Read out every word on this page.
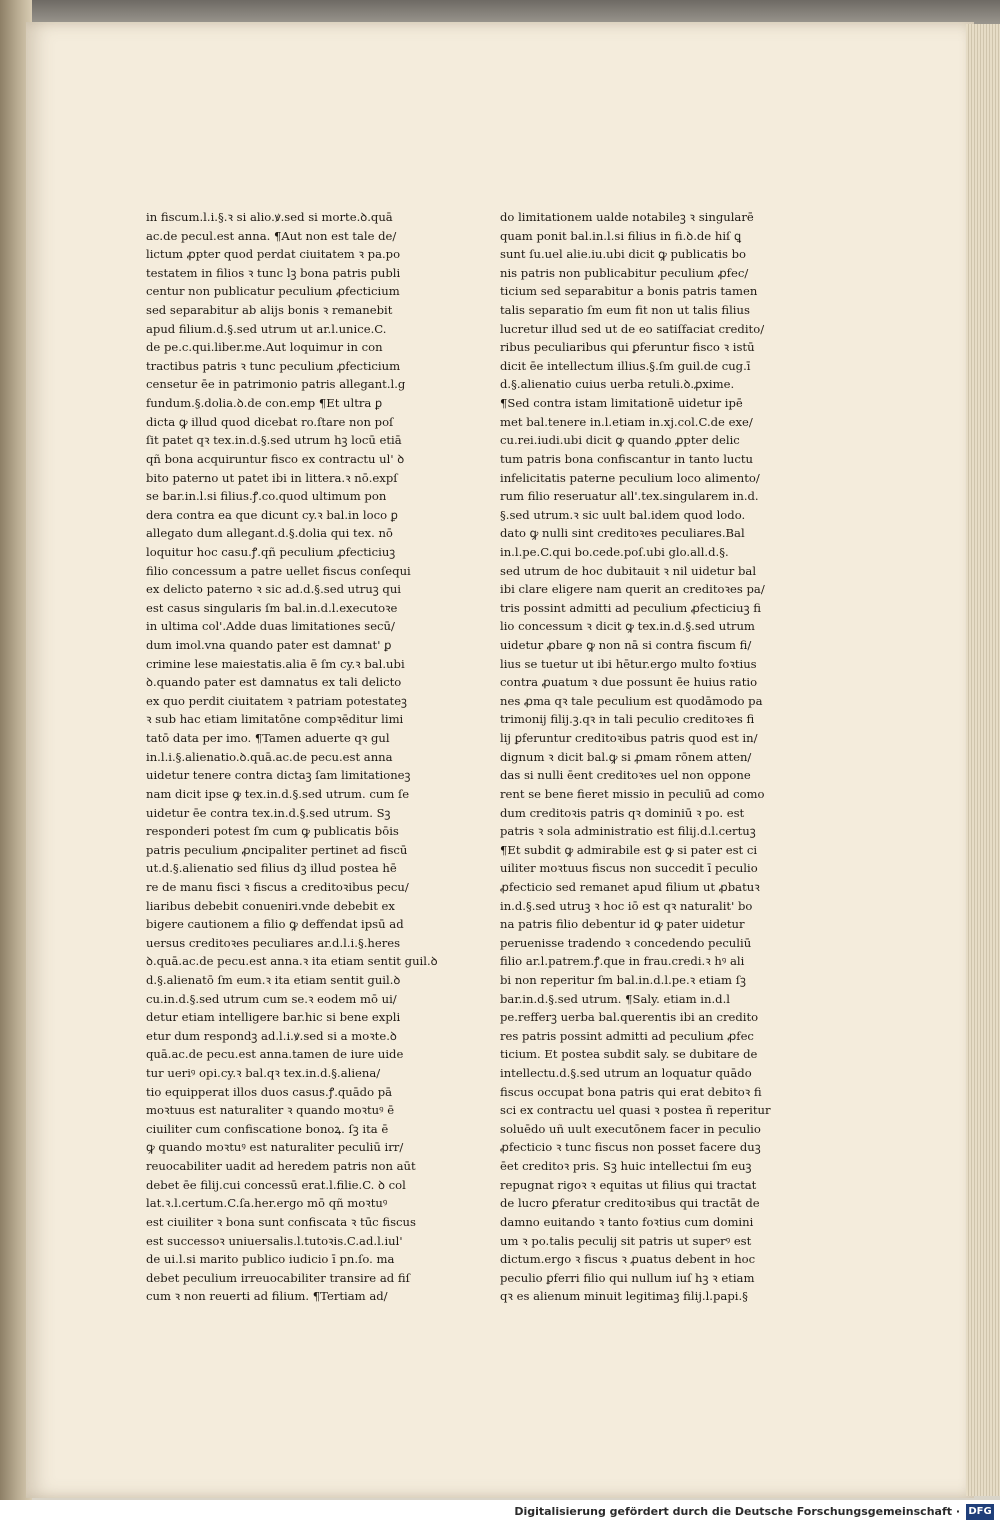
in fiscum.l.i.§.ꝛ si alio.ꝟ.sed si morte.ꝺ.quā
ac.de pecul.est anna. ¶Aut non est tale de/
lictum ꝓpter quod perdat ciuitatem ꝛ pa.po
testatem in filios ꝛ tunc lꝫ bona patris publi
centur non publicatur peculium ꝓfecticium
sed separabitur ab alijs bonis ꝛ remanebit
apud filium.d.§.sed utrum ut ar.l.unice.C.
de pe.c.qui.liber.me.Aut loquimur in con
tractibus patris ꝛ tunc peculium ꝓfecticium
censetur ēe in patrimonio patris allegant.l.g
fundum.§.dolia.ꝺ.de con.emp ¶Et ultra ꝑ
dicta ꝙ illud quod dicebat ro.ſtare non poſ
ſit patet qꝛ tex.in.d.§.sed utrum hꝫ locū etiā
qñ bona acquiruntur fisco ex contractu ul' ꝺ
bito paterno ut patet ibi in littera.ꝛ nō.expſ
se bar.in.l.si filius.ꝭ.co.quod ultimum pon
dera contra ea que dicunt cy.ꝛ bal.in loco ꝑ
allegato dum allegant.d.§.dolia qui tex. nō
loquitur hoc casu.ꝭ.qñ peculium ꝓfecticiuꝫ
filio concessum a patre uellet fiscus conſequi
ex delicto paterno ꝛ sic ad.d.§.sed utruꝫ qui
est casus singularis ſm bal.in.d.l.executoꝛe
in ultima col'.Adde duas limitationes secū/
dum imol.vna quando pater est damnat' ꝑ
crimine lese maiestatis.alia ē ſm cy.ꝛ bal.ubi
ꝺ.quando pater est damnatus ex tali delicto
ex quo perdit ciuitatem ꝛ patriam potestateꝫ
ꝛ sub hac etiam limitatōne compꝛēditur limi
tatō data per imo. ¶Tamen aduerte qꝛ gul
in.l.i.§.alienatio.ꝺ.quā.ac.de pecu.est anna
uidetur tenere contra dictaꝫ ſam limitationeꝫ
nam dicit ipse ꝙ tex.in.d.§.sed utrum. cum ſe
uidetur ēe contra tex.in.d.§.sed utrum. Sꝫ
responderi potest ſm cum ꝙ publicatis bōis
patris peculium ꝓncipaliter pertinet ad fiscū
ut.d.§.alienatio sed filius dꝫ illud postea hē
re de manu fisci ꝛ fiscus a creditoꝛibus pecu/
liaribus debebit conueniri.vnde debebit ex
bigere cautionem a filio ꝙ deffendat ipsū ad
uersus creditoꝛes peculiares ar.d.l.i.§.heres
ꝺ.quā.ac.de pecu.est anna.ꝛ ita etiam sentit guil.ꝺ
d.§.alienatō ſm eum.ꝛ ita etiam sentit guil.ꝺ
cu.in.d.§.sed utrum cum se.ꝛ eodem mō ui/
detur etiam intelligere bar.hic si bene expli
etur dum respondꝫ ad.l.i.ꝟ.sed si a moꝛte.ꝺ
quā.ac.de pecu.est anna.tamen de iure uide
tur ueriꝰ opi.cy.ꝛ bal.qꝛ tex.in.d.§.aliena/
tio equipperat illos duos casus.ꝭ.quādo pā
moꝛtuus est naturaliter ꝛ quando moꝛtuꝰ ē
ciuiliter cum confiscatione bonoꝝ. ſꝫ ita ē
ꝙ quando moꝛtuꝰ est naturaliter peculiū irr/
reuocabiliter uadit ad heredem patris non aūt
debet ēe filij.cui concessū erat.l.filie.C. ꝺ col
lat.ꝛ.l.certum.C.ſa.her.ergo mō qñ moꝛtuꝰ
est ciuiliter ꝛ bona sunt confiscata ꝛ tūc fiscus
est successoꝛ uniuersalis.l.tutoꝛis.C.ad.l.iul'
de ui.l.si marito publico iudicio ī pn.ſo. ma
debet peculium irreuocabiliter transire ad fiſ
cum ꝛ non reuerti ad filium. ¶Tertiam ad/
do limitationem ualde notabileꝫ ꝛ singularē
quam ponit bal.in.l.si filius in fi.ꝺ.de hiſ ꝗ
sunt ſu.uel alie.iu.ubi dicit ꝙ publicatis bo
nis patris non publicabitur peculium ꝓfec/
ticium sed separabitur a bonis patris tamen
talis separatio ſm eum fit non ut talis filius
lucretur illud sed ut de eo satiſfaciat credito/
ribus peculiaribus qui ꝑferuntur fisco ꝛ istū
dicit ēe intellectum illius.§.ſm guil.de cug.ī
d.§.alienatio cuius uerba retuli.ꝺ.ꝓxime.
¶Sed contra istam limitationē uidetur ipē
met bal.tenere in.l.etiam in.xj.col.C.de exe/
cu.rei.iudi.ubi dicit ꝙ quando ꝓpter delic
tum patris bona confiscantur in tanto luctu
infelicitatis paterne peculium loco alimento/
rum filio reseruatur all'.tex.singularem in.d.
§.sed utrum.ꝛ sic uult bal.idem quod lodo.
dato ꝙ nulli sint creditoꝛes peculiares.Bal
in.l.pe.C.qui bo.cede.poſ.ubi glo.all.d.§.
sed utrum de hoc dubitauit ꝛ nil uidetur bal
ibi clare eligere nam querit an creditoꝛes pa/
tris possint admitti ad peculium ꝓfecticiuꝫ fi
lio concessum ꝛ dicit ꝙ tex.in.d.§.sed utrum
uidetur ꝓbare ꝙ non nā si contra fiscum fi/
lius se tuetur ut ibi hētur.ergo multo foꝛtius
contra ꝓuatum ꝛ due possunt ēe huius ratio
nes ꝓma qꝛ tale peculium est quodāmodo pa
trimonij filij.ꝫ.qꝛ in tali peculio creditoꝛes fi
lij ꝑferuntur creditoꝛibus patris quod est in/
dignum ꝛ dicit bal.ꝙ si ꝓmam rōnem atten/
das si nulli ēent creditoꝛes uel non oppone
rent se bene fieret missio in peculiū ad como
dum creditoꝛis patris qꝛ dominiū ꝛ po. est
patris ꝛ sola administratio est filij.d.l.certuꝫ
¶Et subdit ꝙ admirabile est ꝙ si pater est ci
uiliter moꝛtuus fiscus non succedit ī peculio
ꝓfecticio sed remanet apud filium ut ꝓbatuꝛ
in.d.§.sed utruꝫ ꝛ hoc iō est qꝛ naturalit' bo
na patris filio debentur id ꝙ pater uidetur
peruenisse tradendo ꝛ concedendo peculiū
filio ar.l.patrem.ꝭ.que in frau.credi.ꝛ hꝰ ali
bi non reperitur ſm bal.in.d.l.pe.ꝛ etiam ſꝫ
bar.in.d.§.sed utrum. ¶Saly. etiam in.d.l
pe.refferꝫ uerba bal.querentis ibi an credito
res patris possint admitti ad peculium ꝓfec
ticium. Et postea subdit saly. se dubitare de
intellectu.d.§.sed utrum an loquatur quādo
fiscus occupat bona patris qui erat debitoꝛ fi
sci ex contractu uel quasi ꝛ postea ñ reperitur
soluēdo uñ uult executōnem facer in peculio
ꝓfecticio ꝛ tunc fiscus non posset facere duꝫ
ēet creditoꝛ pris. Sꝫ huic intellectui ſm euꝫ
repugnat rigoꝛ ꝛ equitas ut filius qui tractat
de lucro ꝑferatur creditoꝛibus qui tractāt de
damno euitando ꝛ tanto foꝛtius cum domini
um ꝛ po.talis peculij sit patris ut superꝰ est
dictum.ergo ꝛ fiscus ꝛ ꝓuatus debent in hoc
peculio ꝑferri filio qui nullum iuſ hꝫ ꝛ etiam
qꝛ es alienum minuit legitimaꝫ filij.l.papi.§
Digitalisierung gefördert durch die Deutsche Forschungsgemeinschaft · DFG
